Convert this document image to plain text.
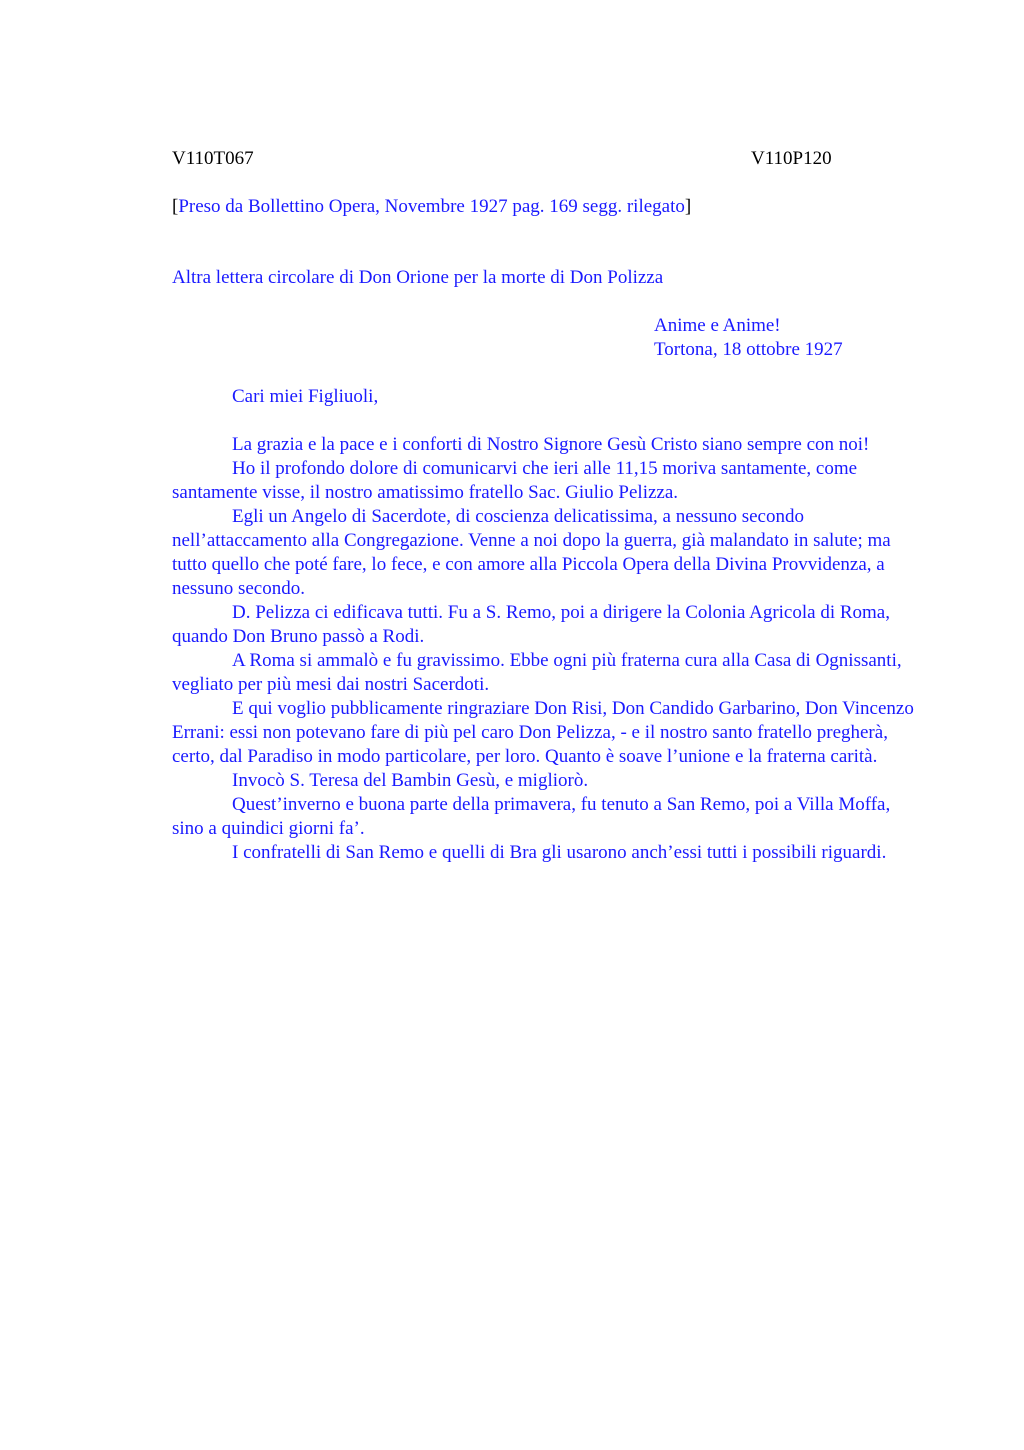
V110T067	V110P120
[Preso da Bollettino Opera, Novembre 1927 pag. 169 segg. rilegato]
Altra lettera circolare di Don Orione per la morte di Don Polizza
Anime e Anime!
Tortona, 18 ottobre 1927
Cari miei Figliuoli,

La grazia e la pace e i conforti di Nostro Signore Gesù Cristo siano sempre con noi!

Ho il profondo dolore di comunicarvi che ieri alle 11,15 moriva santamente, come santamente visse, il nostro amatissimo fratello Sac. Giulio Pelizza.

Egli un Angelo di Sacerdote, di coscienza delicatissima, a nessuno secondo nell’attaccamento alla Congregazione. Venne a noi dopo la guerra, già malandato in salute; ma tutto quello che poté fare, lo fece, e con amore alla Piccola Opera della Divina Provvidenza, a nessuno secondo.

D. Pelizza ci edificava tutti. Fu a S. Remo, poi a dirigere la Colonia Agricola di Roma, quando Don Bruno passò a Rodi.

A Roma si ammalò e fu gravissimo. Ebbe ogni più fraterna cura alla Casa di Ognissanti, vegliato per più mesi dai nostri Sacerdoti.

E qui voglio pubblicamente ringraziare Don Risi, Don Candido Garbarino, Don Vincenzo Errani: essi non potevano fare di più pel caro Don Pelizza, - e il nostro santo fratello pregherà, certo, dal Paradiso in modo particolare, per loro. Quanto è soave l’unione e la fraterna carità.

Invocò S. Teresa del Bambin Gesù, e migliorò.

Quest’inverno e buona parte della primavera, fu tenuto a San Remo, poi a Villa Moffa, sino a quindici giorni fa’.

I confratelli di San Remo e quelli di Bra gli usarono anch’essi tutti i possibili riguardi.
